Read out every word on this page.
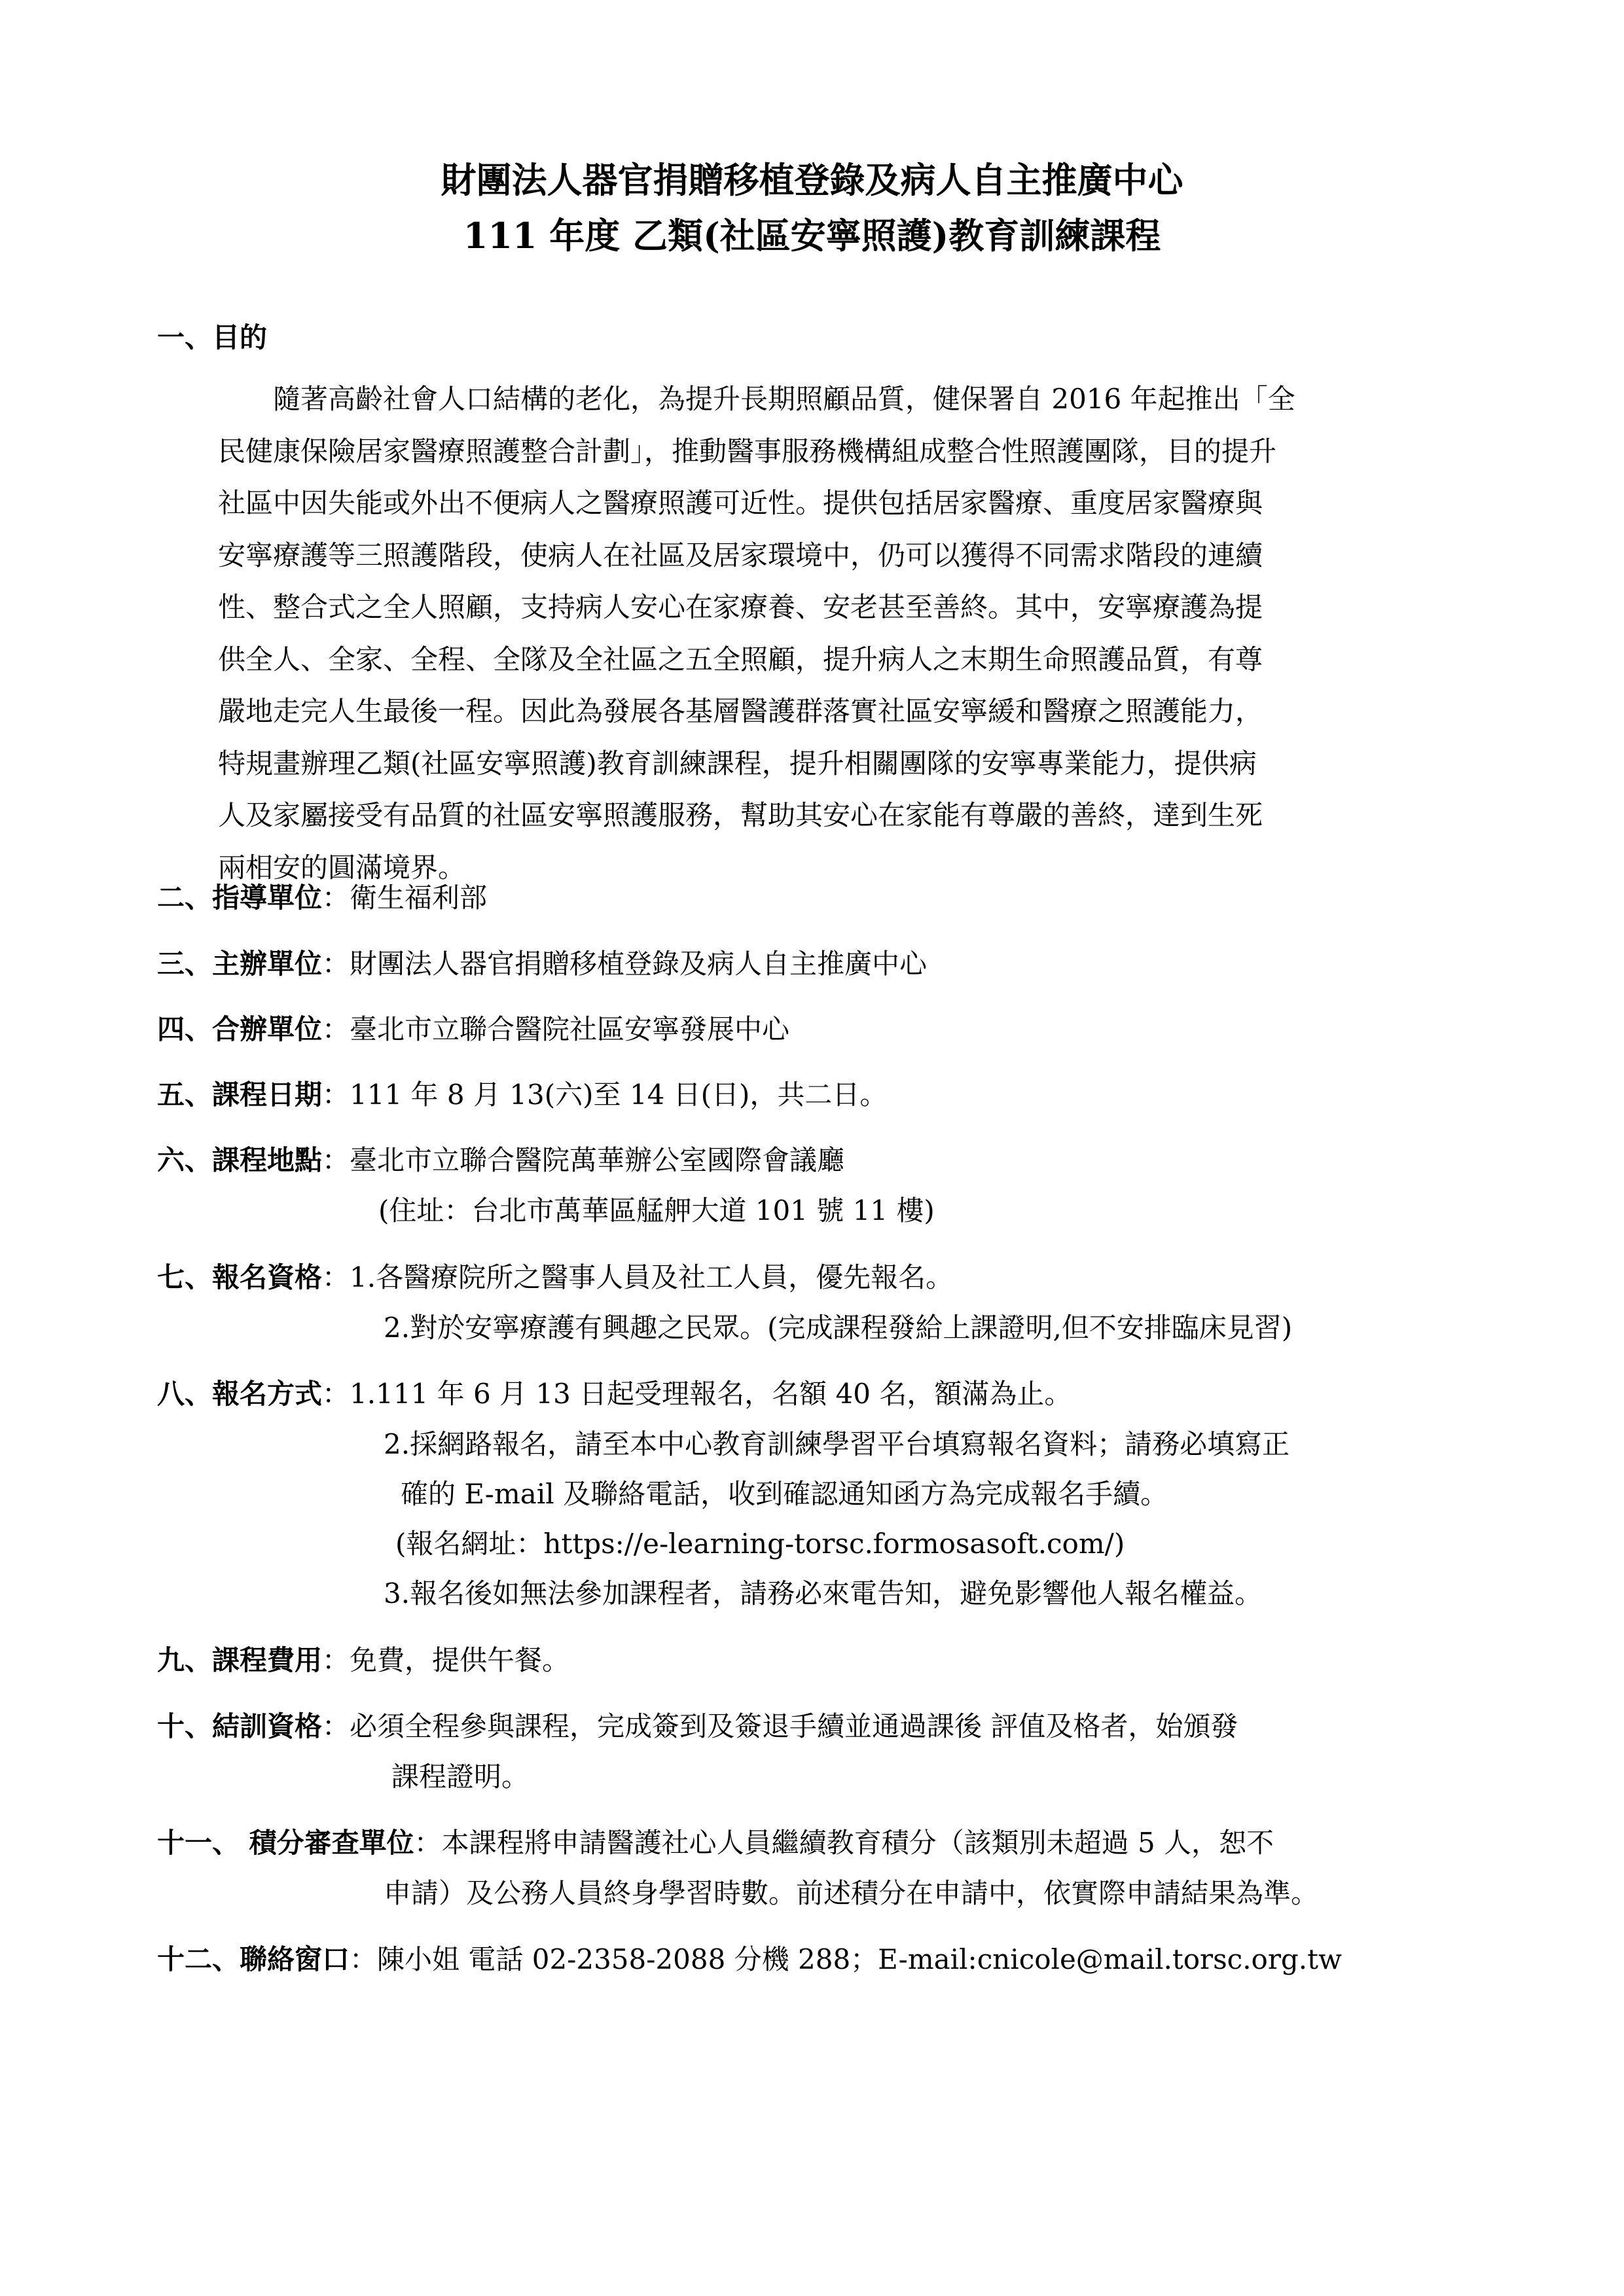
財團法人器官捐贈移植登錄及病人自主推廣中心
111 年度 乙類(社區安寧照護)教育訓練課程
一、目的
隨著高齡社會人口結構的老化，為提升長期照顧品質，健保署自 2016 年起推出「全
民健康保險居家醫療照護整合計劃」，推動醫事服務機構組成整合性照護團隊，目的提升
社區中因失能或外出不便病人之醫療照護可近性。提供包括居家醫療、重度居家醫療與
安寧療護等三照護階段，使病人在社區及居家環境中，仍可以獲得不同需求階段的連續
性、整合式之全人照顧，支持病人安心在家療養、安老甚至善終。其中，安寧療護為提
供全人、全家、全程、全隊及全社區之五全照顧，提升病人之末期生命照護品質，有尊
嚴地走完人生最後一程。因此為發展各基層醫護群落實社區安寧緩和醫療之照護能力，
特規畫辦理乙類(社區安寧照護)教育訓練課程，提升相關團隊的安寧專業能力，提供病
人及家屬接受有品質的社區安寧照護服務，幫助其安心在家能有尊嚴的善終，達到生死
兩相安的圓滿境界。
二、指導單位：衛生福利部
三、主辦單位：財團法人器官捐贈移植登錄及病人自主推廣中心
四、合辦單位：臺北市立聯合醫院社區安寧發展中心
五、課程日期：111 年 8 月 13(六)至 14 日(日)，共二日。
六、課程地點：臺北市立聯合醫院萬華辦公室國際會議廳
(住址：台北市萬華區艋舺大道 101 號 11 樓)
七、報名資格：1.各醫療院所之醫事人員及社工人員，優先報名。
2.對於安寧療護有興趣之民眾。(完成課程發給上課證明,但不安排臨床見習)
八、報名方式：1.111 年 6 月 13 日起受理報名，名額 40 名，額滿為止。
2.採網路報名，請至本中心教育訓練學習平台填寫報名資料；請務必填寫正
確的 E-mail 及聯絡電話，收到確認通知函方為完成報名手續。
(報名網址：https://e-learning-torsc.formosasoft.com/)
3.報名後如無法參加課程者，請務必來電告知，避免影響他人報名權益。
九、課程費用：免費，提供午餐。
十、結訓資格：必須全程參與課程，完成簽到及簽退手續並通過課後 評值及格者，始頒發
課程證明。
十一、 積分審查單位：本課程將申請醫護社心人員繼續教育積分（該類別未超過 5 人，恕不
申請）及公務人員終身學習時數。前述積分在申請中，依實際申請結果為準。
十二、聯絡窗口：陳小姐 電話 02-2358-2088 分機 288；E-mail:cnicole@mail.torsc.org.tw
